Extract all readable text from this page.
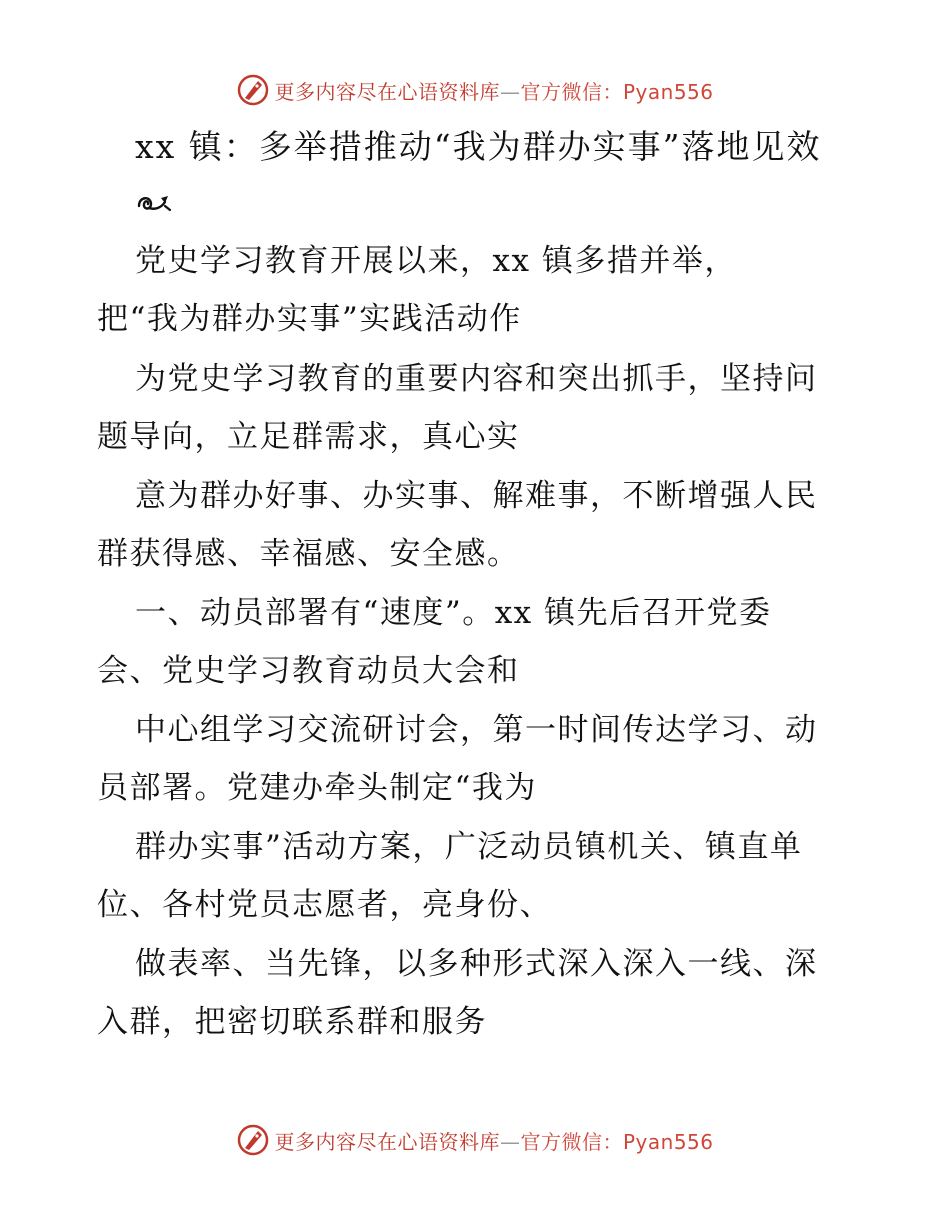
更多内容尽在心语资料库—官方微信：Pyan556
xx 镇：多举措推动“我为群办实事”落地见效
党史学习教育开展以来，xx 镇多措并举，
把“我为群办实事”实践活动作
为党史学习教育的重要内容和突出抓手，坚持问
题导向，立足群需求，真心实
意为群办好事、办实事、解难事，不断增强人民
群获得感、幸福感、安全感。
一、动员部署有“速度”。xx 镇先后召开党委
会、党史学习教育动员大会和
中心组学习交流研讨会，第一时间传达学习、动
员部署。党建办牵头制定“我为
群办实事”活动方案，广泛动员镇机关、镇直单
位、各村党员志愿者，亮身份、
做表率、当先锋，以多种形式深入深入一线、深
入群，把密切联系群和服务
更多内容尽在心语资料库—官方微信：Pyan556
